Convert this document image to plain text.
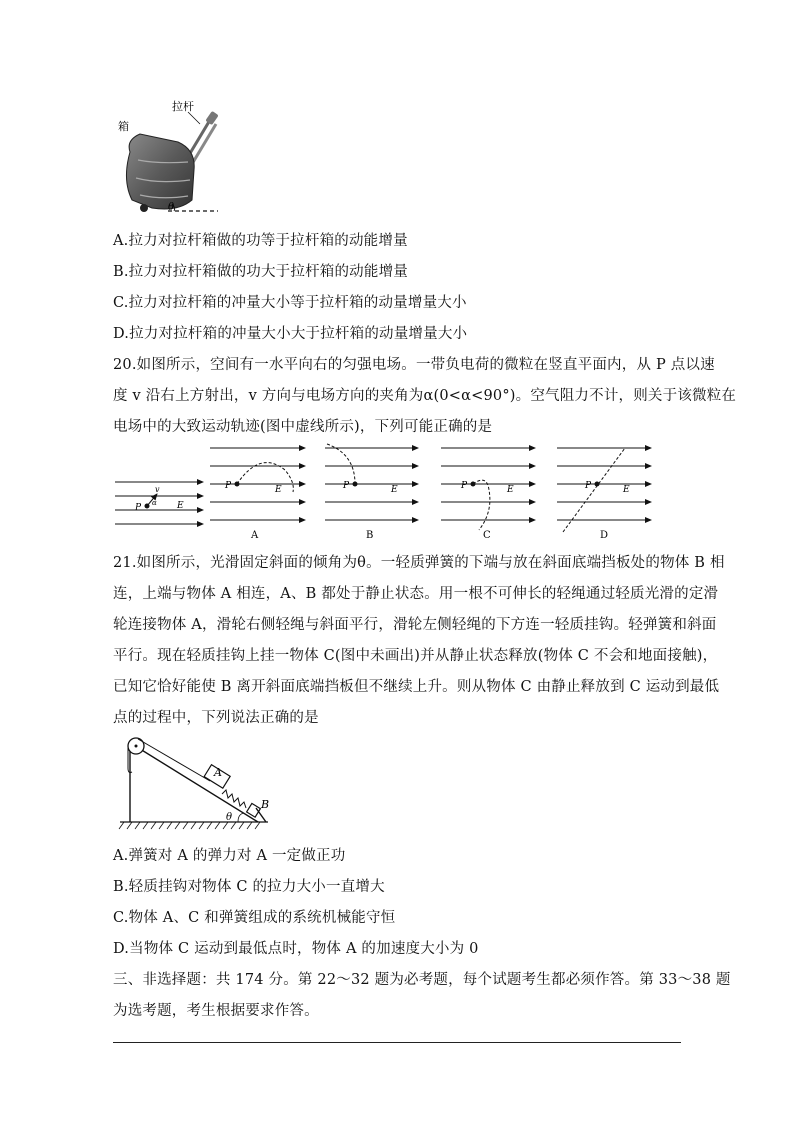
拉杆
箱
θ
A.拉力对拉杆箱做的功等于拉杆箱的动能增量
B.拉力对拉杆箱做的功大于拉杆箱的动能增量
C.拉力对拉杆箱的冲量大小等于拉杆箱的动量增量大小
D.拉力对拉杆箱的冲量大小大于拉杆箱的动量增量大小
20.如图所示，空间有一水平向右的匀强电场。一带负电荷的微粒在竖直平面内，从 P 点以速
度 v 沿右上方射出，v 方向与电场方向的夹角为α(0<α<90°)。空气阻力不计，则关于该微粒在
电场中的大致运动轨迹(图中虚线所示)，下列可能正确的是
P
v
α E
P	E	P	E	P	E	P	E
A	B	C	D
21.如图所示，光滑固定斜面的倾角为θ。一轻质弹簧的下端与放在斜面底端挡板处的物体 B 相
连，上端与物体 A 相连，A、B 都处于静止状态。用一根不可伸长的轻绳通过轻质光滑的定滑
轮连接物体 A，滑轮右侧轻绳与斜面平行，滑轮左侧轻绳的下方连一轻质挂钩。轻弹簧和斜面
平行。现在轻质挂钩上挂一物体 C(图中未画出)并从静止状态释放(物体 C 不会和地面接触)，
已知它恰好能使 B 离开斜面底端挡板但不继续上升。则从物体 C 由静止释放到 C 运动到最低
点的过程中，下列说法正确的是
A
B
θ
A.弹簧对 A 的弹力对 A 一定做正功
B.轻质挂钩对物体 C 的拉力大小一直增大
C.物体 A、C 和弹簧组成的系统机械能守恒
D.当物体 C 运动到最低点时，物体 A 的加速度大小为 0
三、非选择题：共 174 分。第 22～32 题为必考题，每个试题考生都必须作答。第 33～38 题
为选考题，考生根据要求作答。
